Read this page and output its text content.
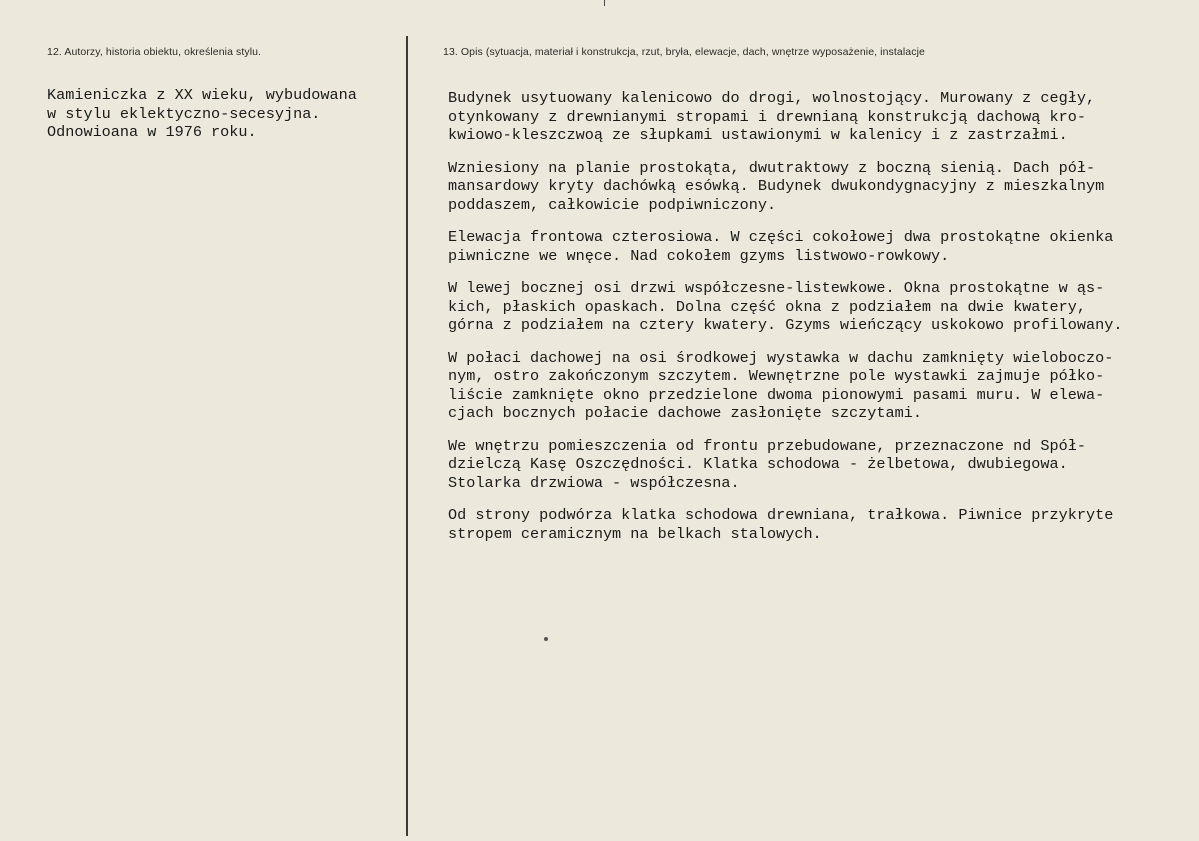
12. Autorzy, historia obiektu, określenia stylu.	13. Opis (sytuacja, materiał i konstrukcja, rzut, bryła, elewacje, dach, wnętrze wyposażenie, instalacje

Kamieniczka z XX wieku, wybudowana

w stylu eklektyczno-secesyjna.

Odnowioana w 1976 roku.

Budynek usytuowany kalenicowo do drogi, wolnostojący. Murowany z cegły,
otynkowany z drewnianymi stropami i drewnianą konstrukcją dachową kro-
kwiowo-kleszczwoą ze słupkami ustawionymi w kalenicy i z zastrzałmi.
Wzniesiony na planie prostokąta, dwutraktowy z boczną sienią. Dach pół-
mansardowy kryty dachówką esówką. Budynek dwukondygnacyjny z mieszkalnym
poddaszem, całkowicie podpiwniczony.
Elewacja frontowa czterosiowa. W części cokołowej dwa prostokątne okienka
piwniczne we wnęce. Nad cokołem gzyms listwowo-rowkowy.
W lewej bocznej osi drzwi współczesne-listewkowe. Okna prostokątne w ąs-
kich, płaskich opaskach. Dolna część okna z podziałem na dwie kwatery,
górna z podziałem na cztery kwatery. Gzyms wieńczący uskokowo profilowany.
W połaci dachowej na osi środkowej wystawka w dachu zamknięty wieloboczo-
nym, ostro zakończonym szczytem. Wewnętrzne pole wystawki zajmuje półko-
liście zamknięte okno przedzielone dwoma pionowymi pasami muru. W elewa-
cjach bocznych połacie dachowe zasłonięte szczytami.
We wnętrzu pomieszczenia od frontu przebudowane, przeznaczone nd Spół-
dzielczą Kasę Oszczędności. Klatka schodowa - żelbetowa, dwubiegowa.
Stolarka drzwiowa - współczesna.
Od strony podwórza klatka schodowa drewniana, trałkowa. Piwnice przykryte
stropem ceramicznym na belkach stalowych.
